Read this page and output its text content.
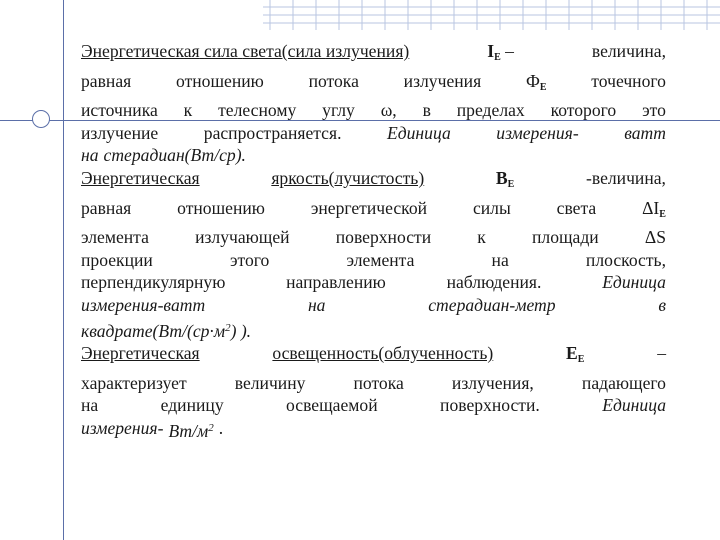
Энергетическая сила света(сила излучения)	$I_Е$ –	величина,
равная	отношению	потока	излучения	$Ф_Е$	точечного
источника к телесному углу ω, в пределах которого это
излучение	распространяется.	Единица	измерения-	ватт
на стерадиан(Вт/ср).
Энергетическая	яркость(лучистость)	$B_Е$	-величина,
равная	отношению	энергетической	силы	света	$\Delta I_Е$
элемента	излучающей	поверхности	к	площади	ΔS
проекции	этого	элемента	на	плоскость,
перпендикулярную	направлению	наблюдения.	Единица
измерения-ватт	на	стерадиан-метр	в
$квадрате(Вт/(ср\cdot м^2)$ ).
Энергетическая	освещенность(облученность)	$E_Е$	–
характеризует	величину	потока	излучения,	падающего
на	единицу	освещаемой	поверхности.	Единица
измерения- $Вт/м^2$ .
